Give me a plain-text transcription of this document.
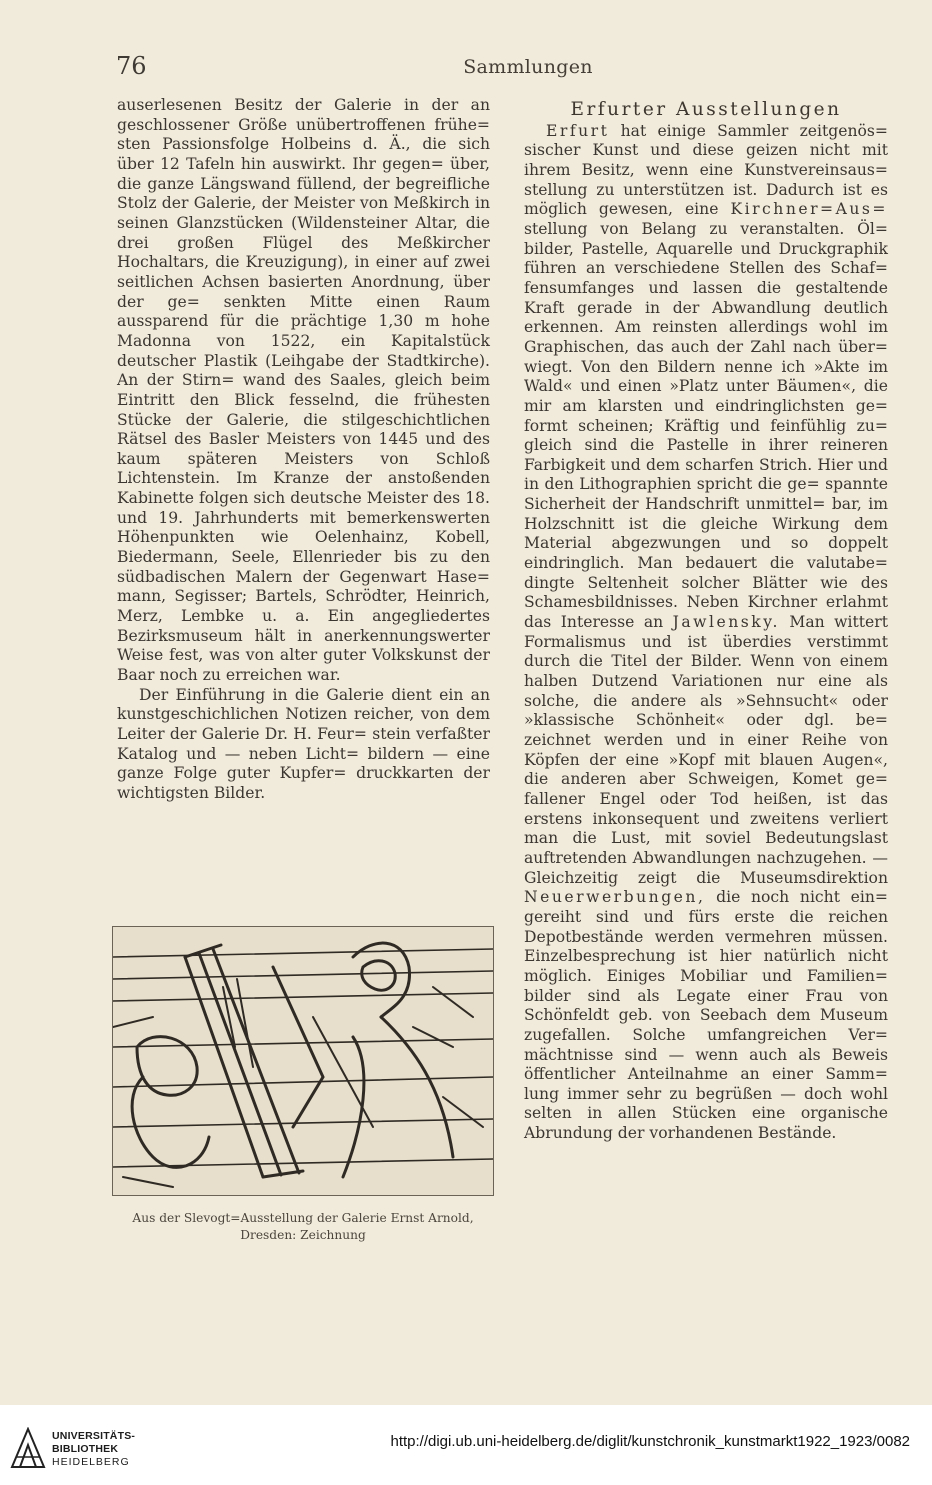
76	Sammlungen

auserlesenen Besitz der Galerie in der an geschlossener Größe unübertroffenen frühe= sten Passionsfolge Holbeins d. Ä., die sich über 12 Tafeln hin auswirkt. Ihr gegen= über, die ganze Längswand füllend, der begreifliche Stolz der Galerie, der Meister von Meßkirch in seinen Glanzstücken (Wildensteiner Altar, die drei großen Flügel des Meßkircher Hochaltars, die Kreuzigung), in einer auf zwei seitlichen Achsen basierten Anordnung, über der ge= senkten Mitte einen Raum aussparend für die prächtige 1,30 m hohe Madonna von 1522, ein Kapitalstück deutscher Plastik (Leihgabe der Stadtkirche). An der Stirn= wand des Saales, gleich beim Eintritt den Blick fesselnd, die frühesten Stücke der Galerie, die stilgeschichtlichen Rätsel des Basler Meisters von 1445 und des kaum späteren Meisters von Schloß Lichtenstein. Im Kranze der anstoßenden Kabinette folgen sich deutsche Meister des 18. und 19. Jahrhunderts mit bemerkenswerten Höhenpunkten wie Oelenhainz, Kobell, Biedermann, Seele, Ellenrieder bis zu den südbadischen Malern der Gegenwart Hase= mann, Segisser; Bartels, Schrödter, Heinrich, Merz, Lembke u. a. Ein angegliedertes Bezirksmuseum hält in anerkennungswerter Weise fest, was von alter guter Volkskunst der Baar noch zu erreichen war.

Der Einführung in die Galerie dient ein an kunstgeschichlichen Notizen reicher, von dem Leiter der Galerie Dr. H. Feur= stein verfaßter Katalog und — neben Licht= bildern — eine ganze Folge guter Kupfer= druckkarten der wichtigsten Bilder.

Aus der Slevogt=Ausstellung der Galerie Ernst Arnold,
Dresden: Zeichnung
Erfurter Ausstellungen

Erfurt hat einige Sammler zeitgenös= sischer Kunst und diese geizen nicht mit ihrem Besitz, wenn eine Kunstvereinsaus= stellung zu unterstützen ist. Dadurch ist es möglich gewesen, eine Kirchner=Aus= stellung von Belang zu veranstalten. Öl= bilder, Pastelle, Aquarelle und Druckgraphik führen an verschiedene Stellen des Schaf= fensumfanges und lassen die gestaltende Kraft gerade in der Abwandlung deutlich erkennen. Am reinsten allerdings wohl im Graphischen, das auch der Zahl nach über= wiegt. Von den Bildern nenne ich »Akte im Wald« und einen »Platz unter Bäumen«, die mir am klarsten und eindringlichsten ge= formt scheinen; Kräftig und feinfühlig zu= gleich sind die Pastelle in ihrer reineren Farbigkeit und dem scharfen Strich. Hier und in den Lithographien spricht die ge= spannte Sicherheit der Handschrift unmittel= bar, im Holzschnitt ist die gleiche Wirkung dem Material abgezwungen und so doppelt eindringlich. Man bedauert die valutabe= dingte Seltenheit solcher Blätter wie des Schamesbildnisses. Neben Kirchner erlahmt das Interesse an Jawlensky. Man wittert Formalismus und ist überdies verstimmt durch die Titel der Bilder. Wenn von einem halben Dutzend Variationen nur eine als solche, die andere als »Sehnsucht« oder »klassische Schönheit« oder dgl. be= zeichnet werden und in einer Reihe von Köpfen der eine »Kopf mit blauen Augen«, die anderen aber Schweigen, Komet ge= fallener Engel oder Tod heißen, ist das erstens inkonsequent und zweitens verliert man die Lust, mit soviel Bedeutungslast auftretenden Abwandlungen nachzugehen. — Gleichzeitig zeigt die Museumsdirektion Neuerwerbungen, die noch nicht ein= gereiht sind und fürs erste die reichen Depotbestände werden vermehren müssen. Einzelbesprechung ist hier natürlich nicht möglich. Einiges Mobiliar und Familien= bilder sind als Legate einer Frau von Schönfeldt geb. von Seebach dem Museum zugefallen. Solche umfangreichen Ver= mächtnisse sind — wenn auch als Beweis öffentlicher Anteilnahme an einer Samm= lung immer sehr zu begrüßen — doch wohl selten in allen Stücken eine organische Abrundung der vorhandenen Bestände.

UNIVERSITÄTS-
BIBLIOTHEK
HEIDELBERG
http://digi.ub.uni-heidelberg.de/diglit/kunstchronik_kunstmarkt1922_1923/0082
